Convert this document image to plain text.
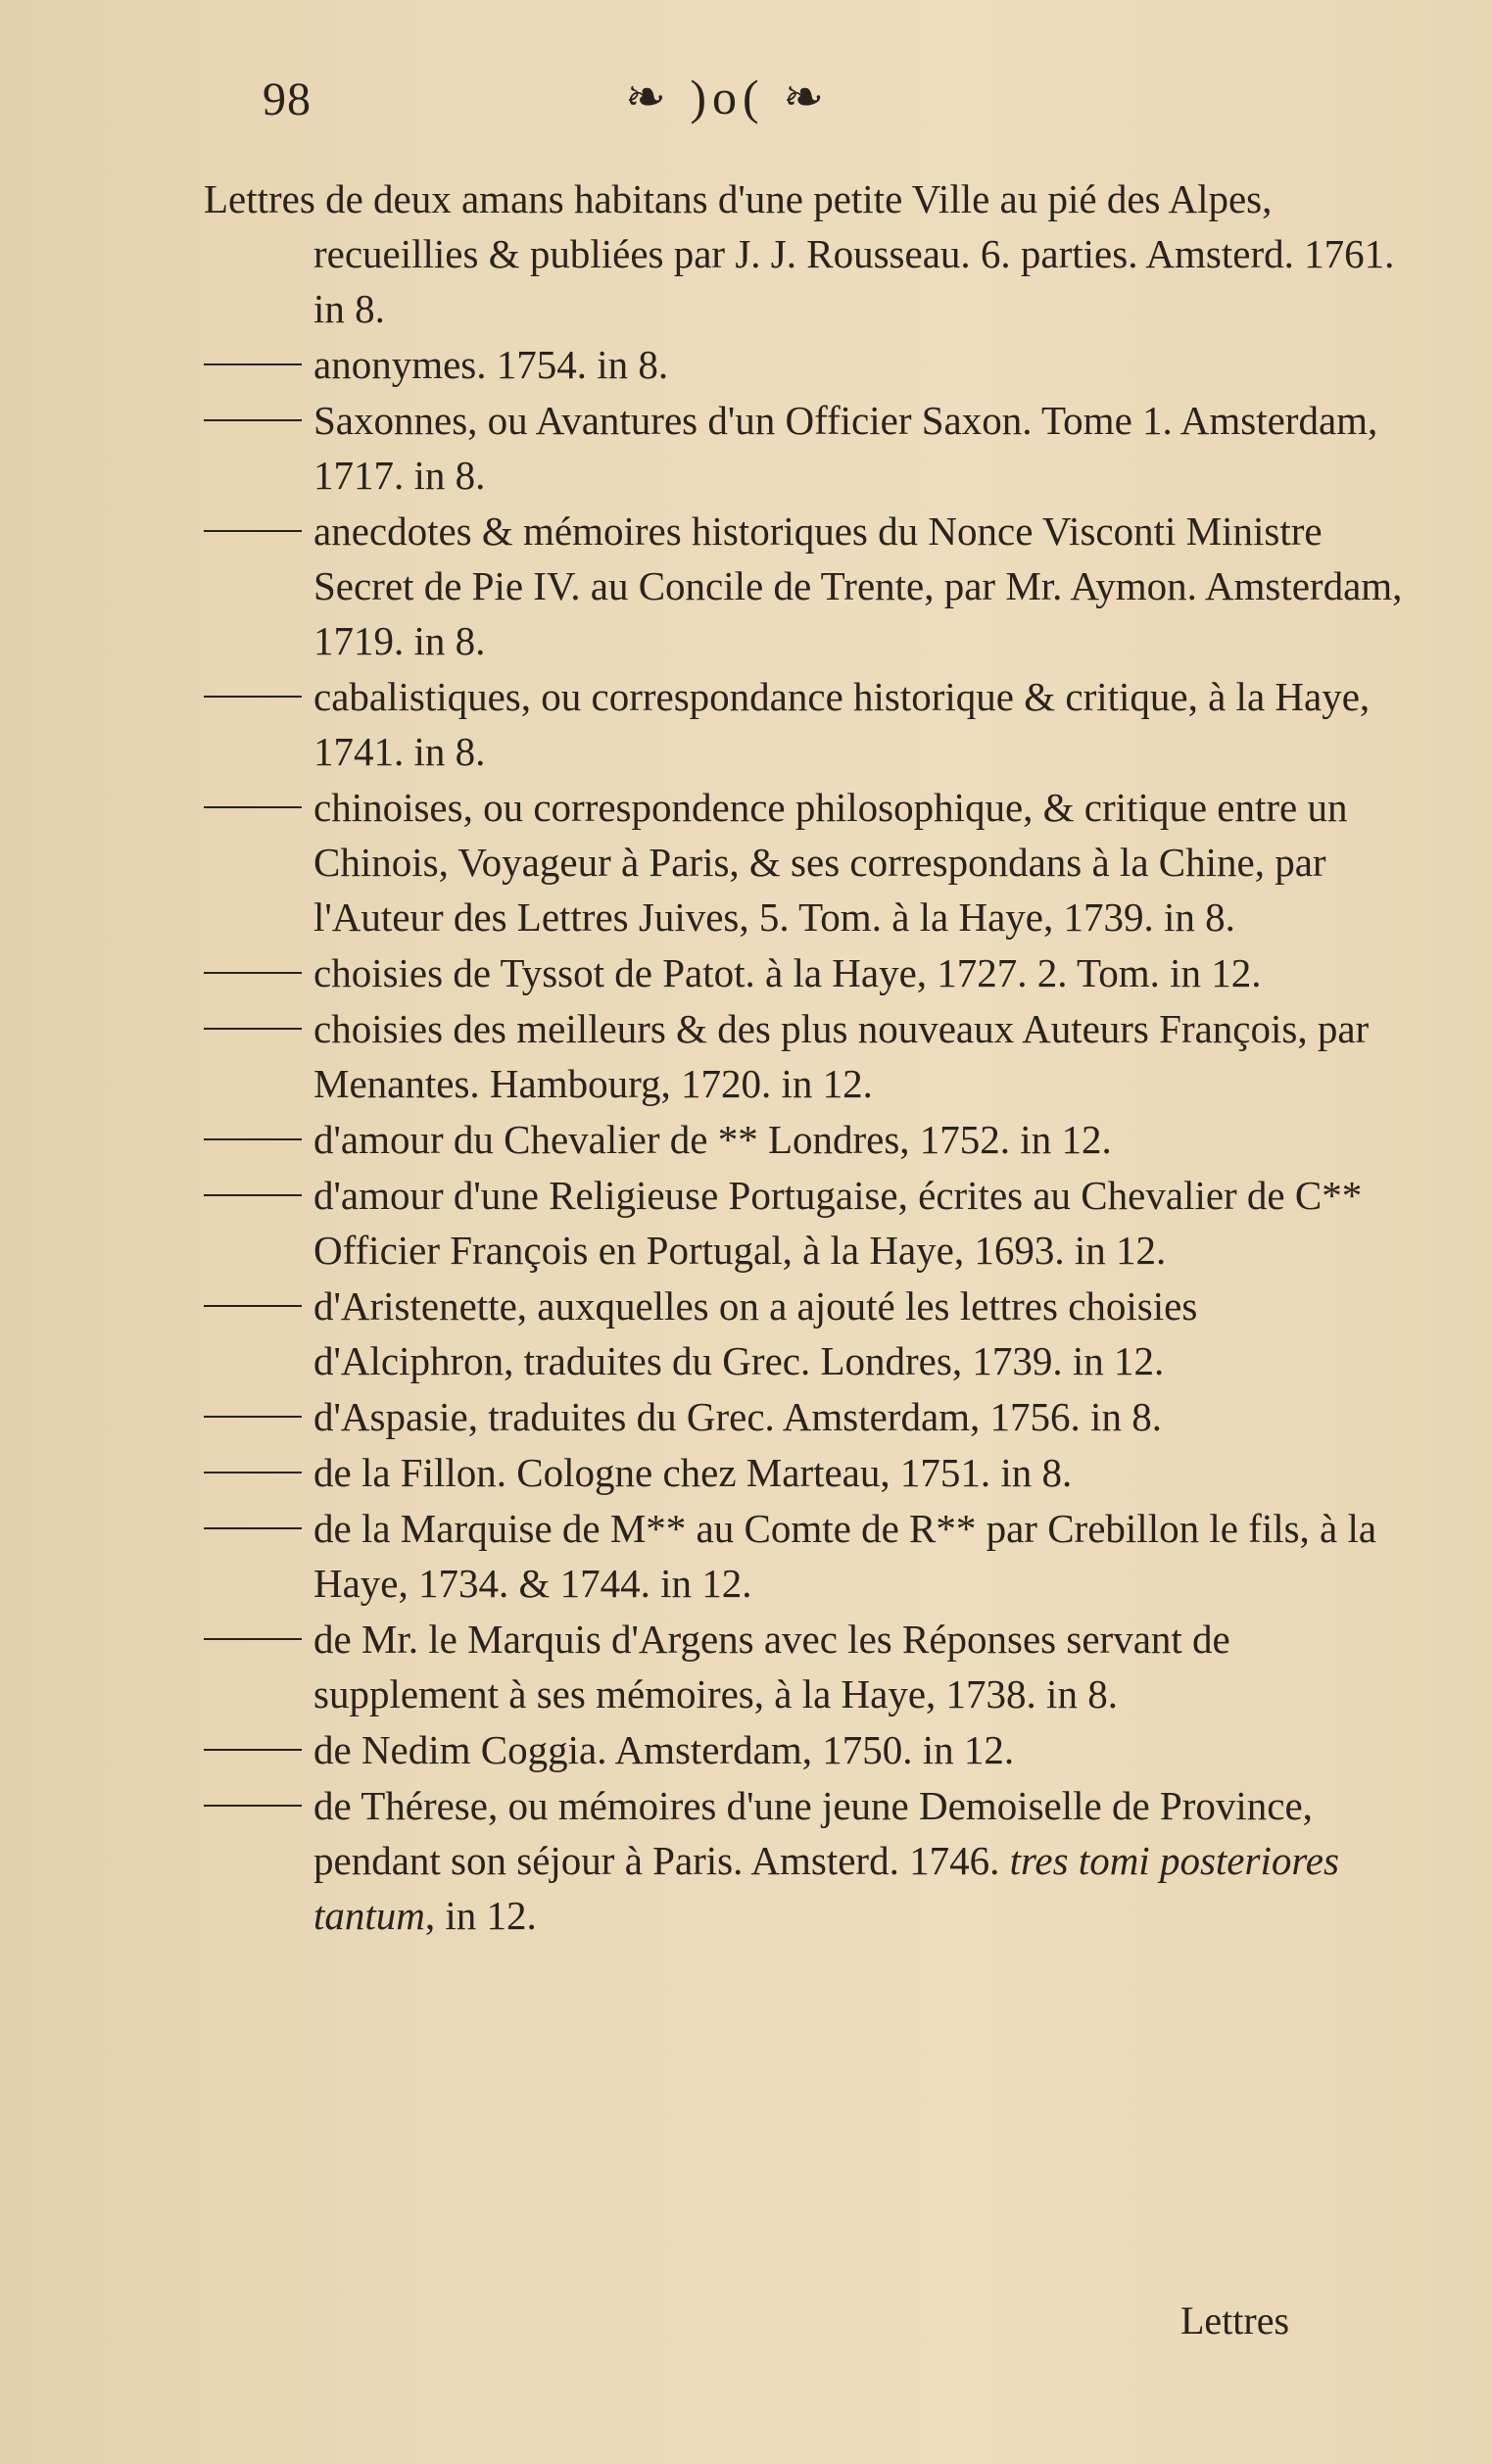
98	❧ )o( ❧
Lettres de deux amans habitans d'une petite Ville au pié des Alpes, recueillies & publiées par J. J. Rousseau. 6. parties. Amsterd. 1761. in 8.
anonymes. 1754. in 8.
Saxonnes, ou Avantures d'un Officier Saxon. Tome 1. Amsterdam, 1717. in 8.
anecdotes & mémoires historiques du Nonce Visconti Ministre Secret de Pie IV. au Concile de Trente, par Mr. Aymon. Amsterdam, 1719. in 8.
cabalistiques, ou correspondance historique & critique, à la Haye, 1741. in 8.
chinoises, ou correspondence philosophique, & critique entre un Chinois, Voyageur à Paris, & ses correspondans à la Chine, par l'Auteur des Lettres Juives, 5. Tom. à la Haye, 1739. in 8.
choisies de Tyssot de Patot. à la Haye, 1727. 2. Tom. in 12.
choisies des meilleurs & des plus nouveaux Auteurs François, par Menantes. Hambourg, 1720. in 12.
d'amour du Chevalier de ** Londres, 1752. in 12.
d'amour d'une Religieuse Portugaise, écrites au Chevalier de C** Officier François en Portugal, à la Haye, 1693. in 12.
d'Aristenette, auxquelles on a ajouté les lettres choisies d'Alciphron, traduites du Grec. Londres, 1739. in 12.
d'Aspasie, traduites du Grec. Amsterdam, 1756. in 8.
de la Fillon. Cologne chez Marteau, 1751. in 8.
de la Marquise de M** au Comte de R** par Crebillon le fils, à la Haye, 1734. & 1744. in 12.
de Mr. le Marquis d'Argens avec les Réponses servant de supplement à ses mémoires, à la Haye, 1738. in 8.
de Nedim Coggia. Amsterdam, 1750. in 12.
de Thérese, ou mémoires d'une jeune Demoiselle de Province, pendant son séjour à Paris. Amsterd. 1746. tres tomi posteriores tantum, in 12.
Lettres
